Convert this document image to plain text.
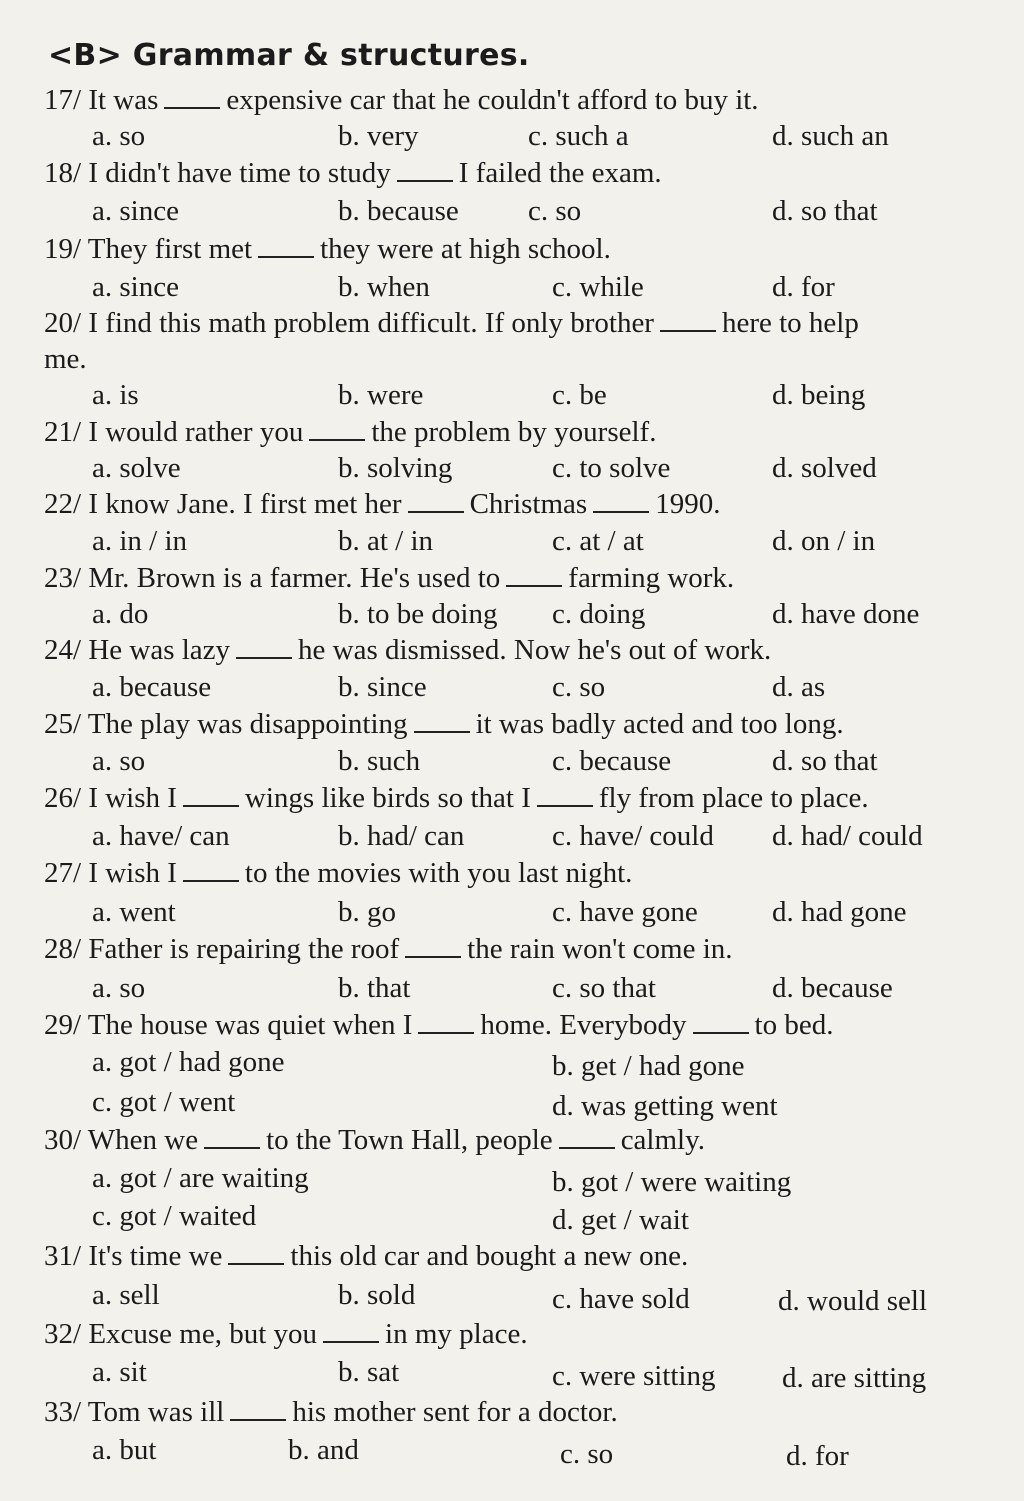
<B> Grammar & structures.
17/ It was expensive car that he couldn't afford to buy it.
a. so	b. very	c. such a	d. such an
18/ I didn't have time to study I failed the exam.
a. since	b. because c. so	d. so that
19/ They first met they were at high school.
a. since	b. when	c. while	d. for
20/ I find this math problem difficult. If only brother here to help
me.
a. is	b. were	c. be	d. being
21/ I would rather you the problem by yourself.
a. solve	b. solving	c. to solve	d. solved
22/ I know Jane. I first met her Christmas 1990.
a. in / in	b. at / in	c. at / at	d. on / in
23/ Mr. Brown is a farmer. He's used to farming work.
a. do	b. to be doing c. doing	d. have done
24/ He was lazy he was dismissed. Now he's out of work.
a. because	b. since	c. so	d. as
25/ The play was disappointing it was badly acted and too long.
a. so	b. such	c. because	d. so that
26/ I wish I wings like birds so that I fly from place to place.
a. have/ can	b. had/ can	c. have/ could d. had/ could
27/ I wish I to the movies with you last night.
a. went	b. go	c. have gone	d. had gone
28/ Father is repairing the roof the rain won't come in.
a. so	b. that	c. so that	d. because
29/ The house was quiet when I home. Everybody to bed.
a. got / had gone	b. get / had gone
c. got / went	d. was getting went
30/ When we to the Town Hall, people calmly.
a. got / are waiting	b. got / were waiting
c. got / waited	d. get / wait
31/ It's time we this old car and bought a new one.
a. sell	b. sold	c. have sold	d. would sell
32/ Excuse me, but you in my place.
a. sit	b. sat	c. were sitting d. are sitting
33/ Tom was ill his mother sent for a doctor.
a. but	b. and	c. so	d. for
